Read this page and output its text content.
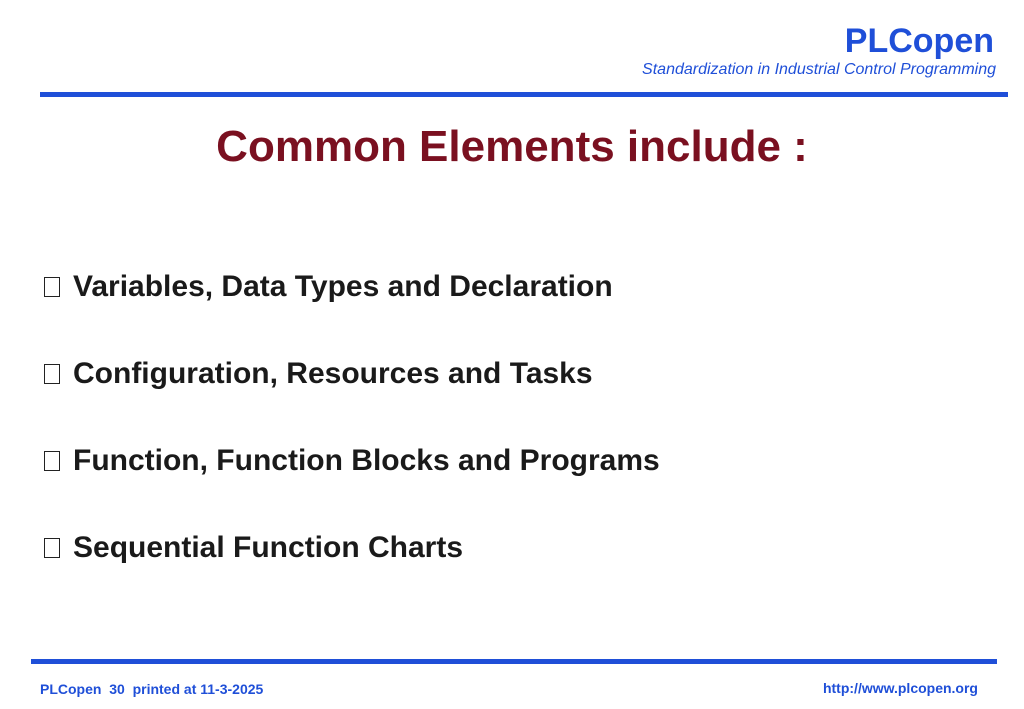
PLCopen
Standardization in Industrial Control Programming
Common Elements include :
Variables, Data Types and Declaration
Configuration, Resources and Tasks
Function, Function Blocks and Programs
Sequential Function Charts
PLCopen  30  printed at 11-3-2025	http://www.plcopen.org
